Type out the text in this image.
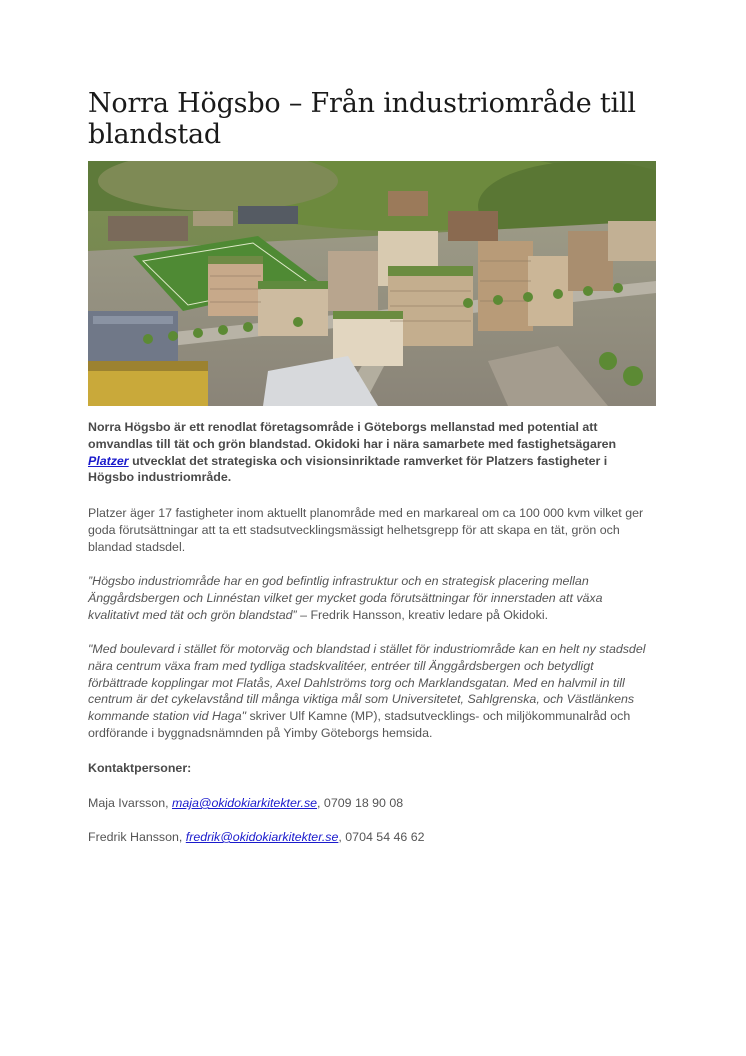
Norra Högsbo – Från industriområde till blandstad

Norra Högsbo är ett renodlat företagsområde i Göteborgs mellanstad med potential att omvandlas till tät och grön blandstad. Okidoki har i nära samarbete med fastighetsägaren Platzer utvecklat det strategiska och visionsinriktade ramverket för Platzers fastigheter i Högsbo industriområde.

Platzer äger 17 fastigheter inom aktuellt planområde med en markareal om ca 100 000 kvm vilket ger goda förutsättningar att ta ett stadsutvecklingsmässigt helhetsgrepp för att skapa en tät, grön och blandad stadsdel.

”Högsbo industriområde har en god befintlig infrastruktur och en strategisk placering mellan Änggårdsbergen och Linnéstan vilket ger mycket goda förutsättningar för innerstaden att växa kvalitativt med tät och grön blandstad” – Fredrik Hansson, kreativ ledare på Okidoki.

"Med boulevard i stället för motorväg och blandstad i stället för industriområde kan en helt ny stadsdel nära centrum växa fram med tydliga stadskvalitéer, entréer till Änggårdsbergen och betydligt förbättrade kopplingar mot Flatås, Axel Dahlströms torg och Marklandsgatan. Med en halvmil in till centrum är det cykelavstånd till många viktiga mål som Universitetet, Sahlgrenska, och Västlänkens kommande station vid Haga" skriver Ulf Kamne (MP), stadsutvecklings- och miljökommunalråd och ordförande i byggnadsnämnden på Yimby Göteborgs hemsida.

Kontaktpersoner:

Maja Ivarsson, maja@okidokiarkitekter.se, 0709 18 90 08

Fredrik Hansson, fredrik@okidokiarkitekter.se, 0704 54 46 62
